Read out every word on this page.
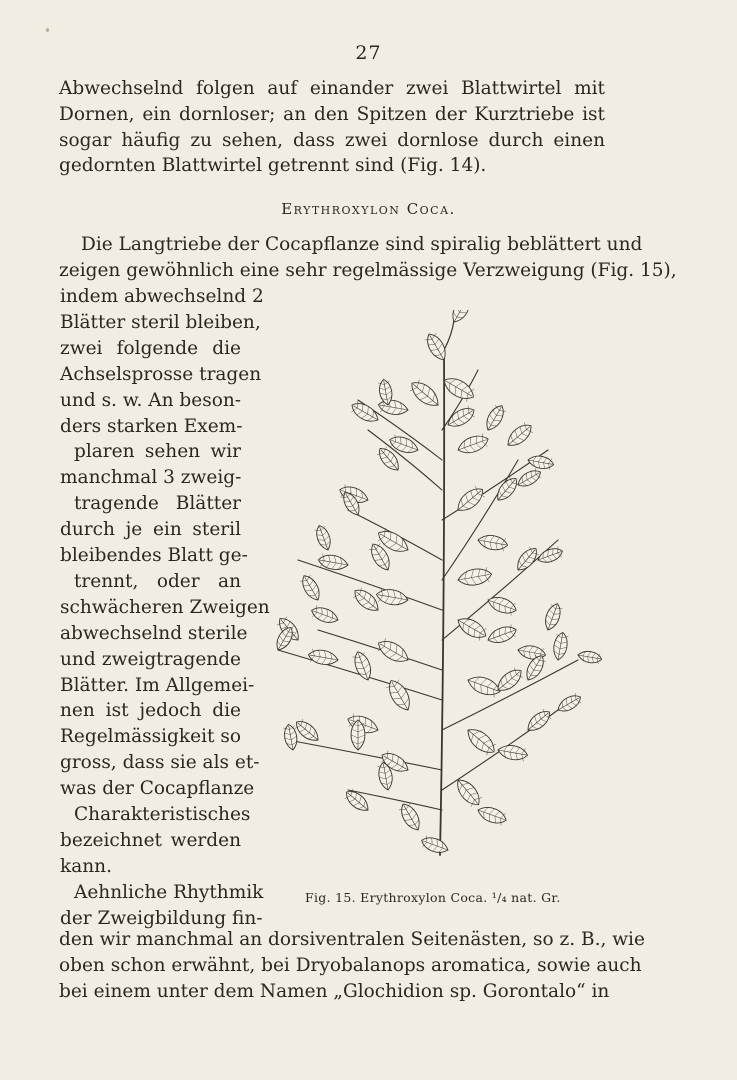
27

Abwechselnd folgen auf einander zwei Blattwirtel mit Dornen, ein dornloser; an den Spitzen der Kurztriebe ist sogar häufig zu sehen, dass zwei dornlose durch einen gedornten Blattwirtel getrennt sind (Fig. 14).

Erythroxylon Coca.
Die Langtriebe der Cocapflanze sind spiralig beblättert und
zeigen gewöhnlich eine sehr regelmässige Verzweigung (Fig. 15),
indem abwechselnd 2
Blätter steril bleiben,
zwei folgende die
Achselsprosse tragen
und s. w. An beson-
ders starken Exem-
plaren sehen wir
manchmal 3 zweig-
tragende Blätter
durch je ein steril
bleibendes Blatt ge-
trennt, oder an
schwächeren Zweigen
abwechselnd sterile
und zweigtragende
Blätter. Im Allgemei-
nen ist jedoch die
Regelmässigkeit so
gross, dass sie als et-
was der Cocapflanze
Charakteristisches
bezeichnet werden
kann.
Aehnliche Rhythmik
der Zweigbildung fin-
Fig. 15. Erythroxylon Coca. ¹/₄ nat. Gr.
den wir manchmal an dorsiventralen Seitenästen, so z. B., wie
oben schon erwähnt, bei Dryobalanops aromatica, sowie auch
bei einem unter dem Namen „Glochidion sp. Gorontalo“ in
